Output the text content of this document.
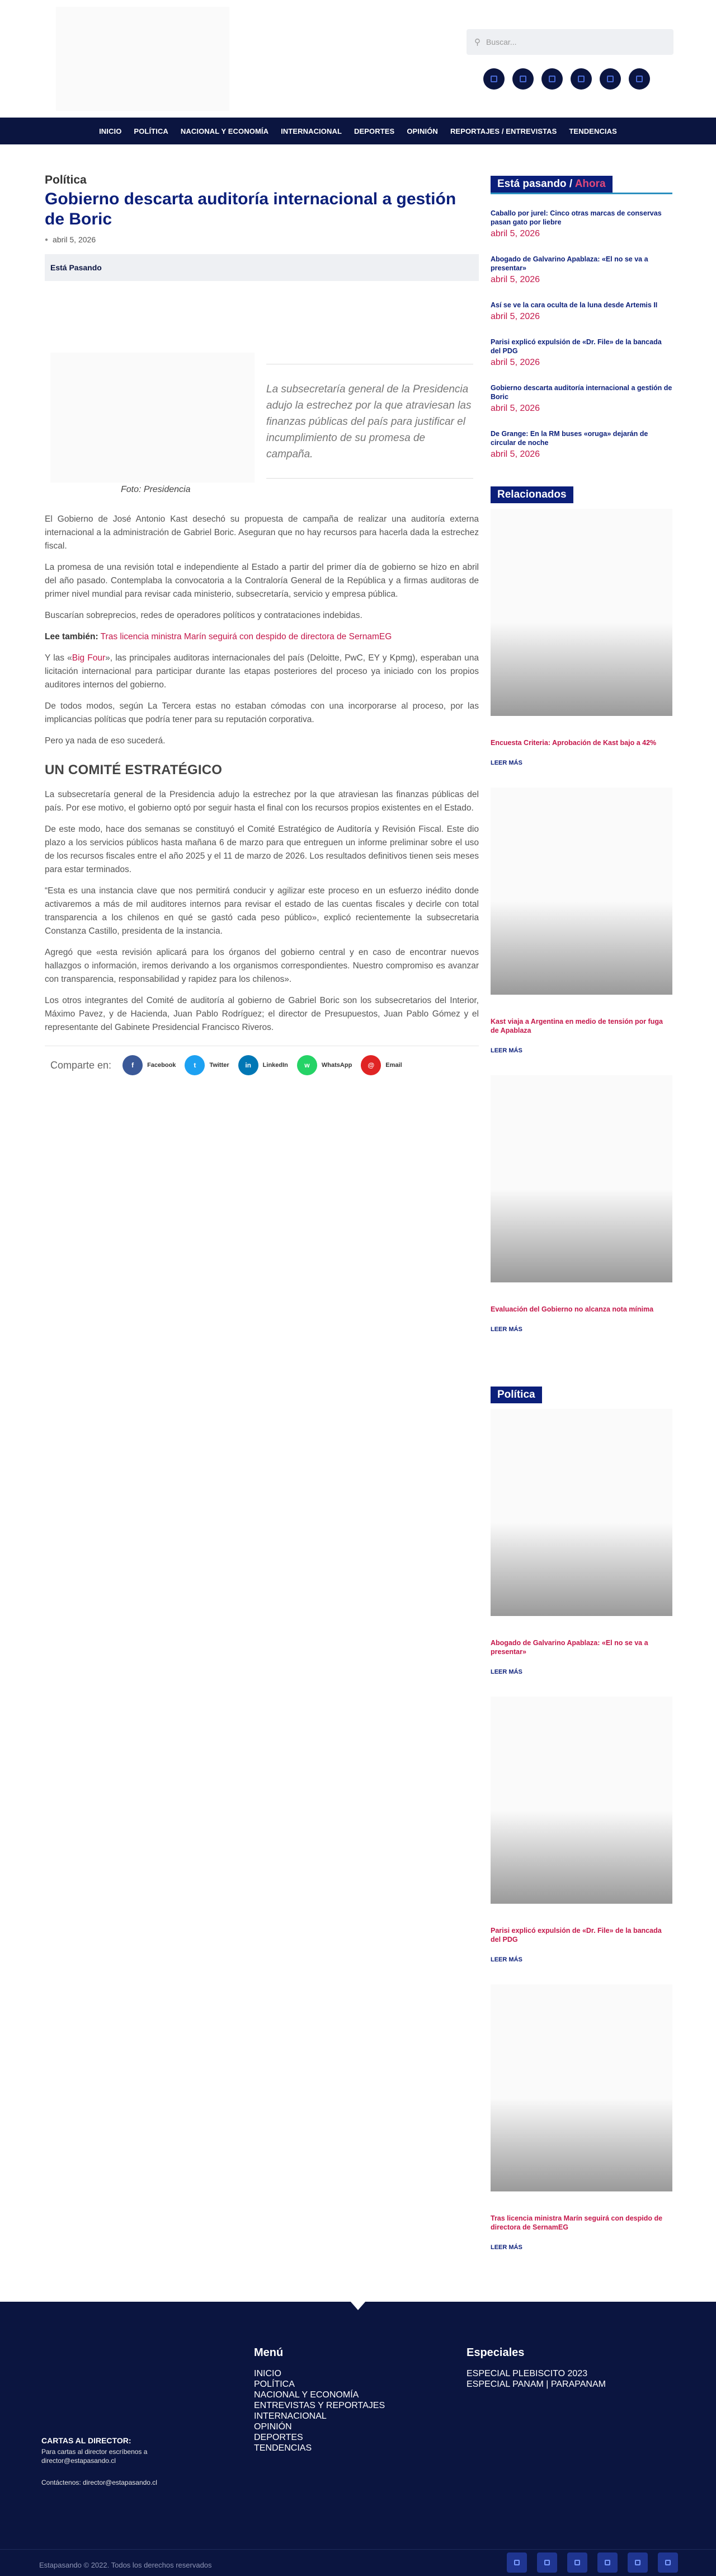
⚲
Buscar...
INICIO	POLÍTICA	NACIONAL Y ECONOMÍA	INTERNACIONAL	DEPORTES	OPINIÓN	REPORTAJES / ENTREVISTAS	TENDENCIAS
Política
Gobierno descarta auditoría internacional a gestión de Boric
● abril 5, 2026
Está Pasando
Foto: Presidencia
La subsecretaría general de la Presidencia adujo la estrechez por la que atraviesan las finanzas públicas del país para justificar el incumplimiento de su promesa de campaña.

El Gobierno de José Antonio Kast desechó su propuesta de campaña de realizar una auditoría externa internacional a la administración de Gabriel Boric. Aseguran que no hay recursos para hacerla dada la estrechez fiscal.

La promesa de una revisión total e independiente al Estado a partir del primer día de gobierno se hizo en abril del año pasado. Contemplaba la convocatoria a la Contraloría General de la República y a firmas auditoras de primer nivel mundial para revisar cada ministerio, subsecretaría, servicio y empresa pública.

Buscarían sobreprecios, redes de operadores políticos y contrataciones indebidas.

Lee también: Tras licencia ministra Marín seguirá con despido de directora de SernamEG

Y las «Big Four», las principales auditoras internacionales del país (Deloitte, PwC, EY y Kpmg), esperaban una licitación internacional para participar durante las etapas posteriores del proceso ya iniciado con los propios auditores internos del gobierno.

De todos modos, según La Tercera estas no estaban cómodas con una incorporarse al proceso, por las implicancias políticas que podría tener para su reputación corporativa.

Pero ya nada de eso sucederá.

UN COMITÉ ESTRATÉGICO

La subsecretaría general de la Presidencia adujo la estrechez por la que atraviesan las finanzas públicas del país. Por ese motivo, el gobierno optó por seguir hasta el final con los recursos propios existentes en el Estado.

De este modo, hace dos semanas se constituyó el Comité Estratégico de Auditoría y Revisión Fiscal. Este dio plazo a los servicios públicos hasta mañana 6 de marzo para que entreguen un informe preliminar sobre el uso de los recursos fiscales entre el año 2025 y el 11 de marzo de 2026. Los resultados definitivos tienen seis meses para estar terminados.

“Esta es una instancia clave que nos permitirá conducir y agilizar este proceso en un esfuerzo inédito donde activaremos a más de mil auditores internos para revisar el estado de las cuentas fiscales y decirle con total transparencia a los chilenos en qué se gastó cada peso público», explicó recientemente la subsecretaria Constanza Castillo, presidenta de la instancia.

Agregó que «esta revisión aplicará para los órganos del gobierno central y en caso de encontrar nuevos hallazgos o información, iremos derivando a los organismos correspondientes. Nuestro compromiso es avanzar con transparencia, responsabilidad y rapidez para los chilenos».

Los otros integrantes del Comité de auditoría al gobierno de Gabriel Boric son los subsecretarios del Interior, Máximo Pavez, y de Hacienda, Juan Pablo Rodríguez; el director de Presupuestos, Juan Pablo Gómez y el representante del Gabinete Presidencial Francisco Riveros.

Comparte en:	f	Facebook	t	Twitter	in	LinkedIn	w	WhatsApp	@	Email
Está pasando / Ahora
Caballo por jurel: Cinco otras marcas de conservas pasan gato por liebre
abril 5, 2026
Abogado de Galvarino Apablaza: «El no se va a presentar»
abril 5, 2026
Así se ve la cara oculta de la luna desde Artemis II
abril 5, 2026
Parisi explicó expulsión de «Dr. File» de la bancada del PDG
abril 5, 2026
Gobierno descarta auditoría internacional a gestión de Boric
abril 5, 2026
De Grange: En la RM buses «oruga» dejarán de circular de noche
abril 5, 2026
Relacionados
Encuesta Criteria: Aprobación de Kast bajo a 42%
LEER MÁS
Kast viaja a Argentina en medio de tensión por fuga de Apablaza
LEER MÁS
Evaluación del Gobierno no alcanza nota mínima
LEER MÁS
Política
Abogado de Galvarino Apablaza: «El no se va a presentar»
LEER MÁS
Parisi explicó expulsión de «Dr. File» de la bancada del PDG
LEER MÁS
Tras licencia ministra Marín seguirá con despido de directora de SernamEG
LEER MÁS
CARTAS AL DIRECTOR:
Para cartas al director escríbenos a director@estapasando.cl
Contáctenos: director@estapasando.cl
Menú
INICIO
POLÍTICA
NACIONAL Y ECONOMÍA
ENTREVISTAS Y REPORTAJES
INTERNACIONAL
OPINIÓN
DEPORTES
TENDENCIAS
Especiales
ESPECIAL PLEBISCITO 2023
ESPECIAL PANAM | PARAPANAM
Estapasando © 2022. Todos los derechos reservados
